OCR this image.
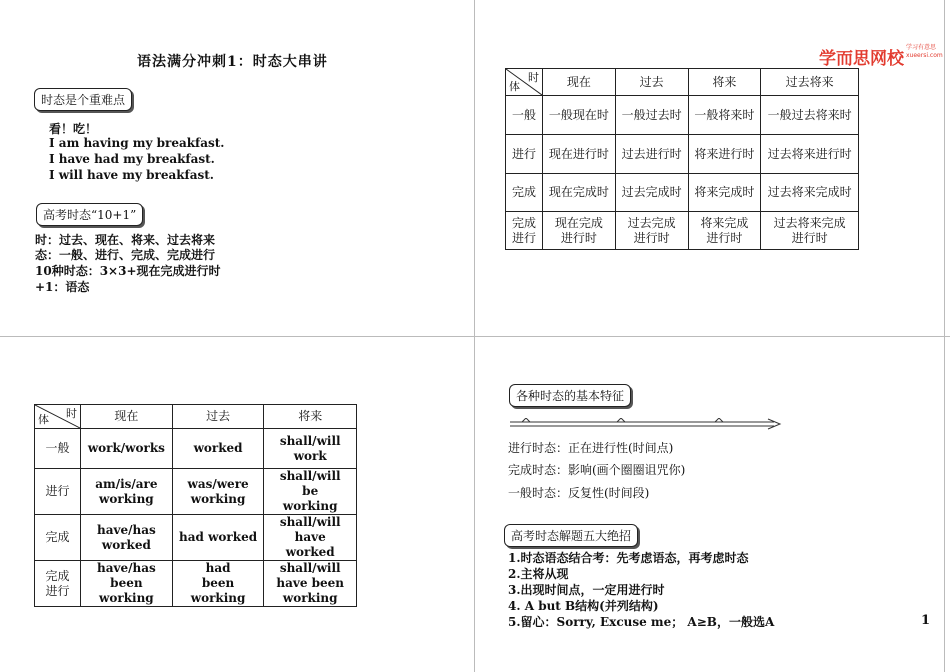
语法满分冲刺1：时态大串讲
时态是个重难点
看！吃！
I am having my breakfast.
I have had my breakfast.
I will have my breakfast.
高考时态“10+1”
时：过去、现在、将来、过去将来
态：一般、进行、完成、完成进行
10种时态：3×3+现在完成进行时
+1：语态
学而思网校学习有意思
xueersi.com
时
体	现在	过去	将来	过去将来
一般	一般现在时	一般过去时	一般将来时	一般过去将来时
进行	现在进行时	过去进行时	将来进行时	过去将来进行时
完成	现在完成时	过去完成时	将来完成时	过去将来完成时
完成进行	现在完成进行时	过去完成进行时	将来完成进行时	过去将来完成进行时
时
体	现在	过去	将来
一般	work/works	worked	shall/will work
进行	am/is/are working	was/were working	shall/will be working
完成	have/has worked	had worked	shall/will have worked
完成进行	have/has been working	had been working	shall/will have been working
各种时态的基本特征
进行时态：正在进行性(时间点)
完成时态：影响(画个圈圈诅咒你)
一般时态：反复性(时间段)
高考时态解题五大绝招
1.时态语态结合考：先考虑语态，再考虑时态
2.主将从现
3.出现时间点，一定用进行时
4. A but B结构(并列结构)
5.留心：Sorry, Excuse me； A≥B，一般选A	1
